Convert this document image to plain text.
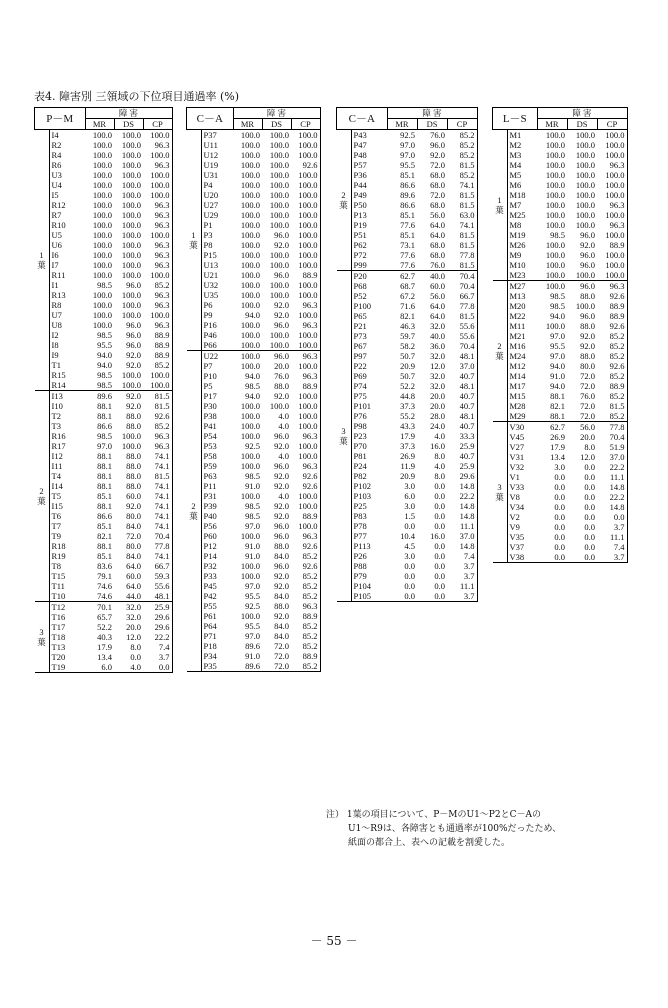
表4. 障害別 三領域の下位項目通過率 (%)
P－M		障 害		
		MR	DS	CP
1
葉	I4	100.0	100.0	100.0
	R2	100.0	100.0	96.3
	R4	100.0	100.0	100.0
	R6	100.0	100.0	96.3
	U3	100.0	100.0	100.0
	U4	100.0	100.0	100.0
	I5	100.0	100.0	100.0
	R12	100.0	100.0	96.3
	R7	100.0	100.0	96.3
	R10	100.0	100.0	96.3
	U5	100.0	100.0	100.0
	U6	100.0	100.0	96.3
	I6	100.0	100.0	96.3
	I7	100.0	100.0	96.3
	R11	100.0	100.0	100.0
	I1	98.5	96.0	85.2
	R13	100.0	100.0	96.3
	R8	100.0	100.0	96.3
	U7	100.0	100.0	100.0
	U8	100.0	96.0	96.3
	I2	98.5	96.0	88.9
	I8	95.5	96.0	88.9
	I9	94.0	92.0	88.9
	T1	94.0	92.0	85.2
	R15	98.5	100.0	100.0
	R14	98.5	100.0	100.0
2
葉	I13	89.6	92.0	81.5
	I10	88.1	92.0	81.5
	T2	88.1	88.0	92.6
	T3	86.6	88.0	85.2
	R16	98.5	100.0	96.3
	R17	97.0	100.0	96.3
	I12	88.1	88.0	74.1
	I11	88.1	88.0	74.1
	T4	88.1	88.0	81.5
	I14	88.1	88.0	74.1
	T5	85.1	60.0	74.1
	I15	88.1	92.0	74.1
	T6	86.6	80.0	74.1
	T7	85.1	84.0	74.1
	T9	82.1	72.0	70.4
	R18	88.1	80.0	77.8
	R19	85.1	84.0	74.1
	T8	83.6	64.0	66.7
	T15	79.1	60.0	59.3
	T11	74.6	64.0	55.6
	T10	74.6	44.0	48.1
3
葉	T12	70.1	32.0	25.9
	T16	65.7	32.0	29.6
	T17	52.2	20.0	29.6
	T18	40.3	12.0	22.2
	T13	17.9	8.0	7.4
	T20	13.4	0.0	3.7
	T19	6.0	4.0	0.0
C－A		障 害		
		MR	DS	CP
1
葉	P37	100.0	100.0	100.0
	U11	100.0	100.0	100.0
	U12	100.0	100.0	100.0
	U19	100.0	100.0	92.6
	U31	100.0	100.0	100.0
	P4	100.0	100.0	100.0
	U20	100.0	100.0	100.0
	U27	100.0	100.0	100.0
	U29	100.0	100.0	100.0
	P1	100.0	100.0	100.0
	P3	100.0	96.0	100.0
	P8	100.0	92.0	100.0
	P15	100.0	100.0	100.0
	U13	100.0	100.0	100.0
	U21	100.0	96.0	88.9
	U32	100.0	100.0	100.0
	U35	100.0	100.0	100.0
	P6	100.0	92.0	96.3
	P9	94.0	92.0	100.0
	P16	100.0	96.0	96.3
	P46	100.0	100.0	100.0
	P66	100.0	100.0	100.0
2
葉	U22	100.0	96.0	96.3
	P7	100.0	20.0	100.0
	P10	94.0	76.0	96.3
	P5	98.5	88.0	88.9
	P17	94.0	92.0	100.0
	P30	100.0	100.0	100.0
	P38	100.0	4.0	100.0
	P41	100.0	4.0	100.0
	P54	100.0	96.0	96.3
	P53	92.5	92.0	100.0
	P58	100.0	4.0	100.0
	P59	100.0	96.0	96.3
	P63	98.5	92.0	92.6
	P11	91.0	92.0	92.6
	P31	100.0	4.0	100.0
	P39	98.5	92.0	100.0
	P40	98.5	92.0	88.9
	P56	97.0	96.0	100.0
	P60	100.0	96.0	96.3
	P12	91.0	88.0	92.6
	P14	91.0	84.0	85.2
	P32	100.0	96.0	92.6
	P33	100.0	92.0	85.2
	P45	97.0	92.0	85.2
	P42	95.5	84.0	85.2
	P55	92.5	88.0	96.3
	P61	100.0	92.0	88.9
	P64	95.5	84.0	85.2
	P71	97.0	84.0	85.2
	P18	89.6	72.0	85.2
	P34	91.0	72.0	88.9
	P35	89.6	72.0	85.2
C－A		障 害		
		MR	DS	CP
2
葉	P43	92.5	76.0	85.2
	P47	97.0	96.0	85.2
	P48	97.0	92.0	85.2
	P57	95.5	72.0	81.5
	P36	85.1	68.0	85.2
	P44	86.6	68.0	74.1
	P49	89.6	72.0	81.5
	P50	86.6	68.0	81.5
	P13	85.1	56.0	63.0
	P19	77.6	64.0	74.1
	P51	85.1	64.0	81.5
	P62	73.1	68.0	81.5
	P72	77.6	68.0	77.8
	P99	77.6	76.0	81.5
3
葉	P20	62.7	40.0	70.4
	P68	68.7	60.0	70.4
	P52	67.2	56.0	66.7
	P100	71.6	64.0	77.8
	P65	82.1	64.0	81.5
	P21	46.3	32.0	55.6
	P73	59.7	40.0	55.6
	P67	58.2	36.0	70.4
	P97	50.7	32.0	48.1
	P22	20.9	12.0	37.0
	P69	50.7	32.0	40.7
	P74	52.2	32.0	48.1
	P75	44.8	20.0	40.7
	P101	37.3	20.0	40.7
	P76	55.2	28.0	48.1
	P98	43.3	24.0	40.7
	P23	17.9	4.0	33.3
	P70	37.3	16.0	25.9
	P81	26.9	8.0	40.7
	P24	11.9	4.0	25.9
	P82	20.9	8.0	29.6
	P102	3.0	0.0	14.8
	P103	6.0	0.0	22.2
	P25	3.0	0.0	14.8
	P83	1.5	0.0	14.8
	P78	0.0	0.0	11.1
	P77	10.4	16.0	37.0
	P113	4.5	0.0	14.8
	P26	3.0	0.0	7.4
	P88	0.0	0.0	3.7
	P79	0.0	0.0	3.7
	P104	0.0	0.0	11.1
	P105	0.0	0.0	3.7
L－S		障 害		
		MR	DS	CP
1
葉	M1	100.0	100.0	100.0
	M2	100.0	100.0	100.0
	M3	100.0	100.0	100.0
	M4	100.0	100.0	96.3
	M5	100.0	100.0	100.0
	M6	100.0	100.0	100.0
	M18	100.0	100.0	100.0
	M7	100.0	100.0	96.3
	M25	100.0	100.0	100.0
	M8	100.0	100.0	96.3
	M19	98.5	96.0	100.0
	M26	100.0	92.0	88.9
	M9	100.0	96.0	100.0
	M10	100.0	96.0	100.0
	M23	100.0	100.0	100.0
2
葉	M27	100.0	96.0	96.3
	M13	98.5	88.0	92.6
	M20	98.5	100.0	88.9
	M22	94.0	96.0	88.9
	M11	100.0	88.0	92.6
	M21	97.0	92.0	85.2
	M16	95.5	92.0	85.2
	M24	97.0	88.0	85.2
	M12	94.0	80.0	92.6
	M14	91.0	72.0	85.2
	M17	94.0	72.0	88.9
	M15	88.1	76.0	85.2
	M28	82.1	72.0	81.5
	M29	88.1	72.0	85.2
3
葉	V30	62.7	56.0	77.8
	V45	26.9	20.0	70.4
	V27	17.9	8.0	51.9
	V31	13.4	12.0	37.0
	V32	3.0	0.0	22.2
	V1	0.0	0.0	11.1
	V33	0.0	0.0	14.8
	V8	0.0	0.0	22.2
	V34	0.0	0.0	14.8
	V2	0.0	0.0	0.0
	V9	0.0	0.0	3.7
	V35	0.0	0.0	11.1
	V37	0.0	0.0	7.4
	V38	0.0	0.0	3.7
注） 1葉の項目について、P－MのU1～P2とC－Aの
U1～R9は、各障害とも通過率が100%だったため、
紙面の都合上、表への記載を割愛した。
－ 55 －
